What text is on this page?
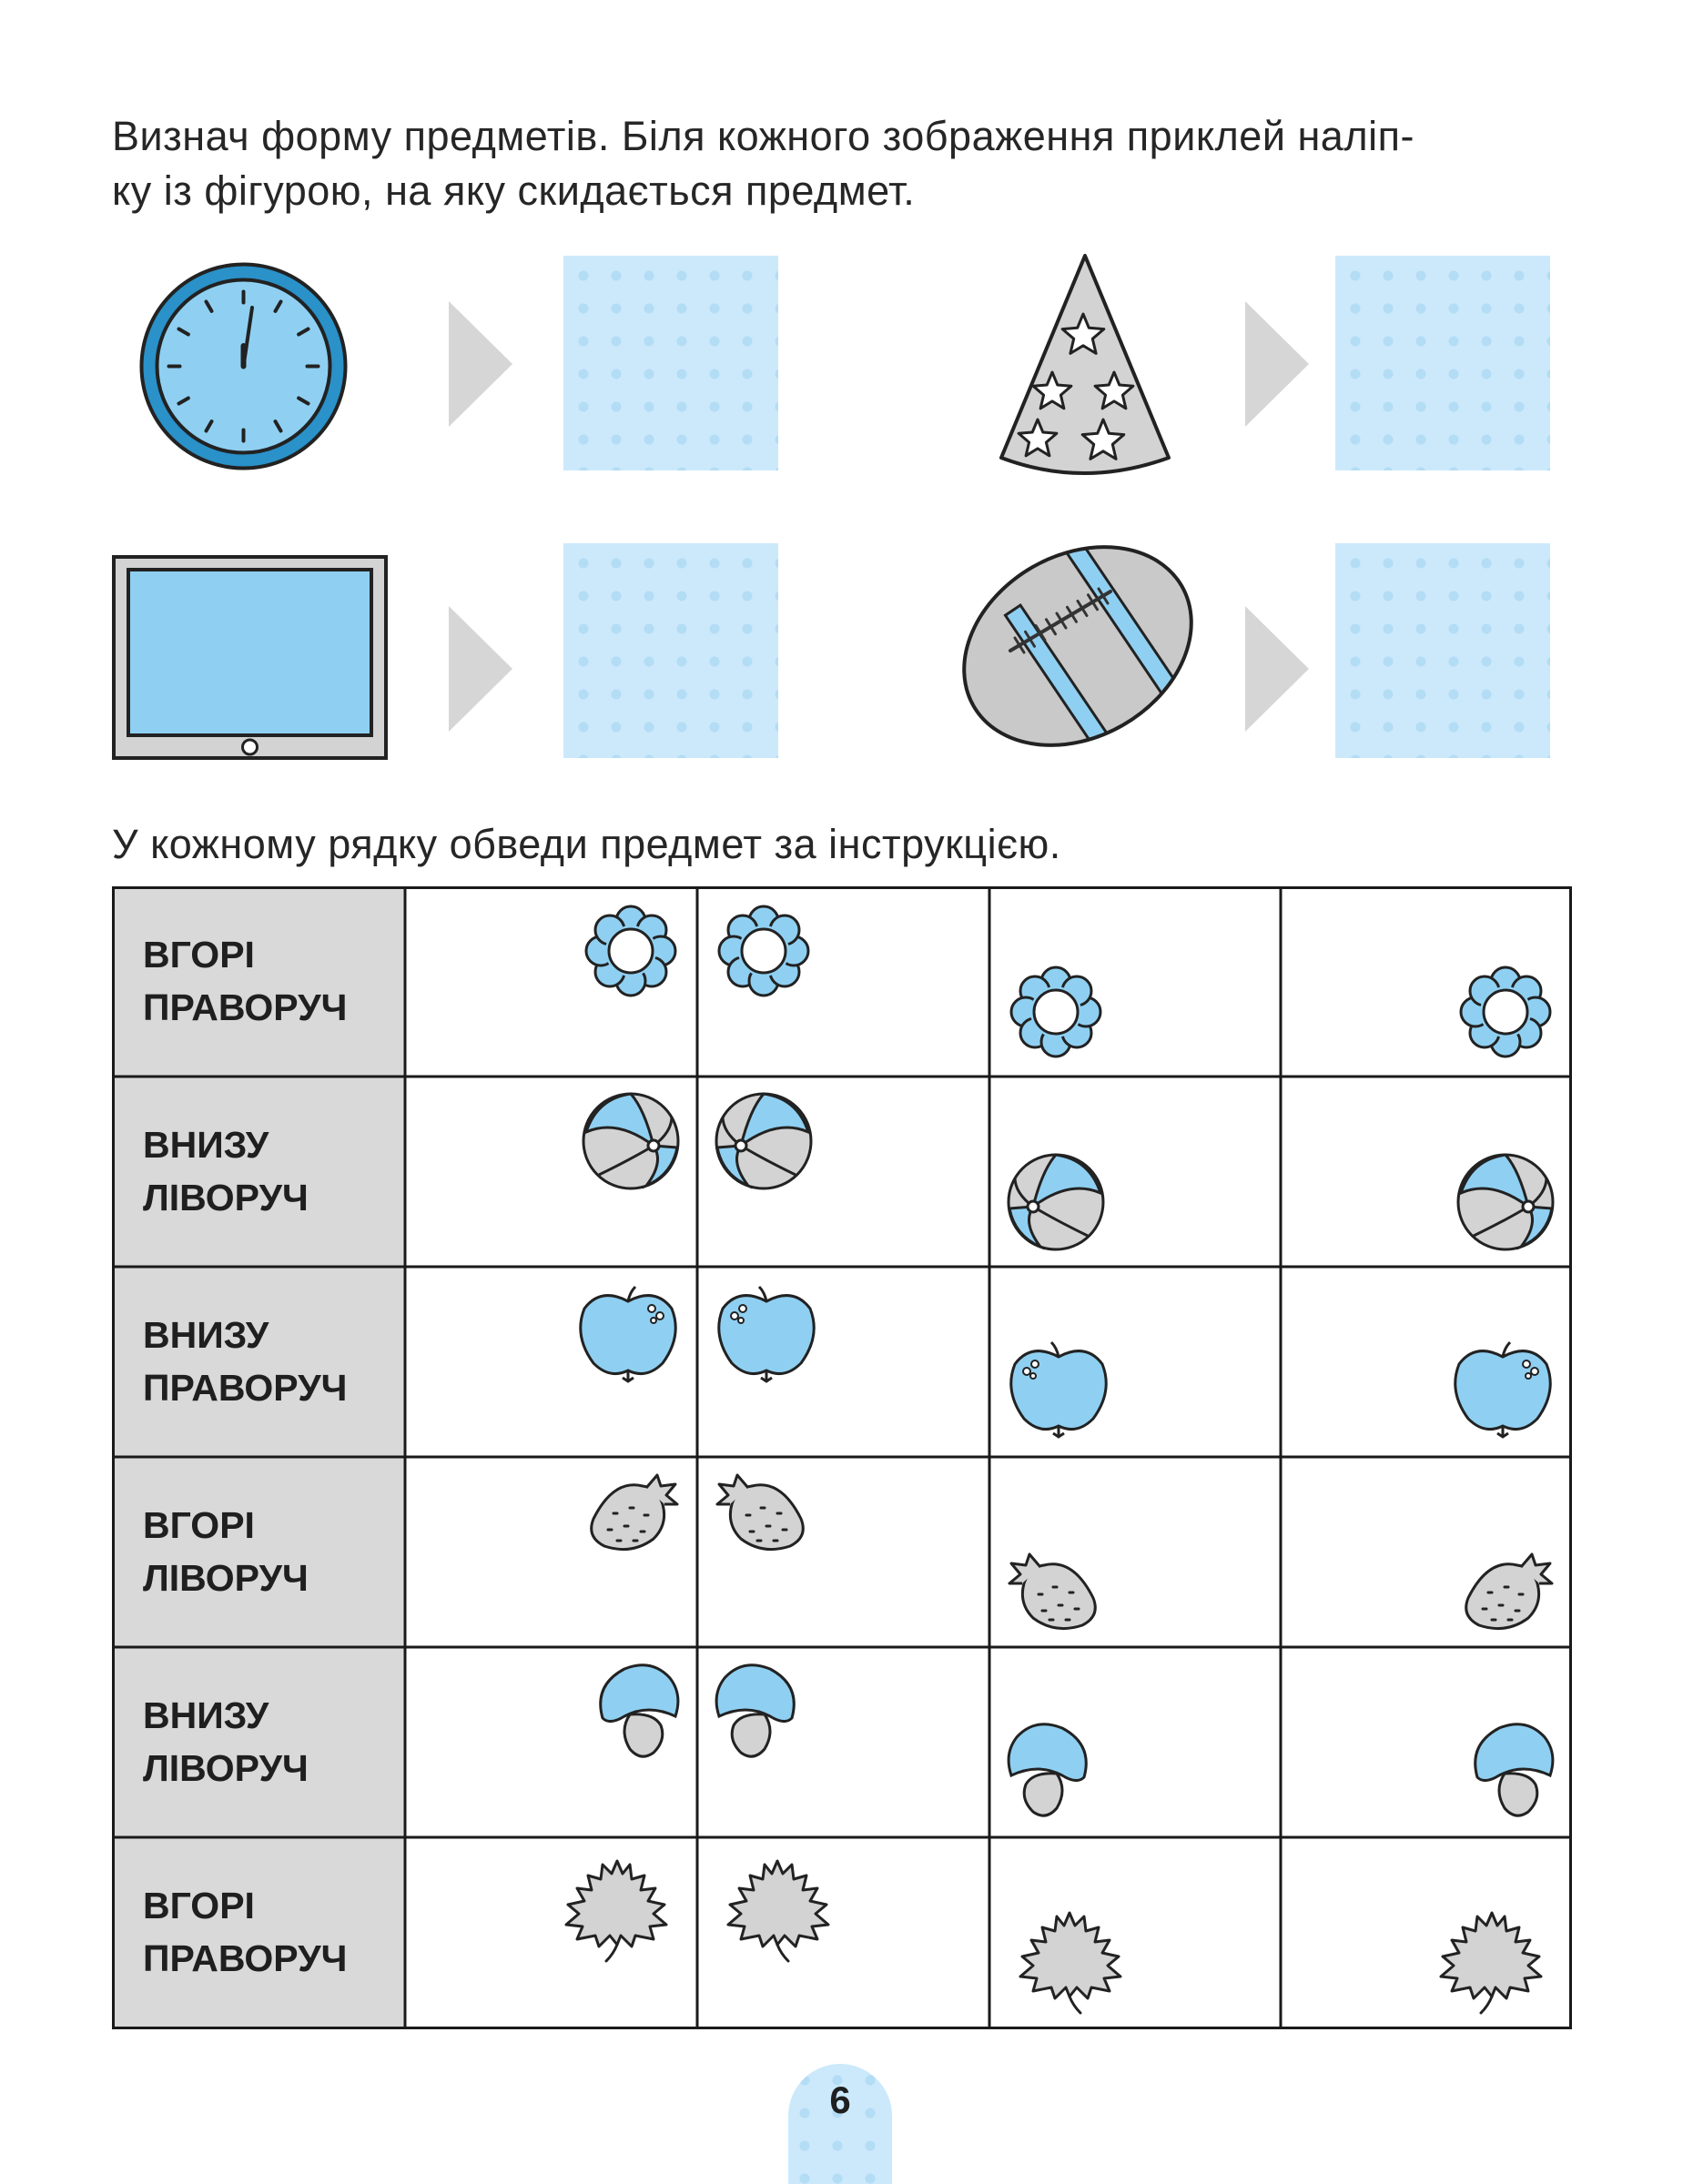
Визнач форму предметів. Біля кожного зображення приклей наліп-
ку із фігурою, на яку скидається предмет.

У кожному рядку обведи предмет за інструкцією.

ВГОРІ
ПРАВОРУЧ

ВНИЗУ
ЛІВОРУЧ

ВНИЗУ
ПРАВОРУЧ

ВГОРІ
ЛІВОРУЧ

ВНИЗУ
ЛІВОРУЧ

ВГОРІ
ПРАВОРУЧ

6
